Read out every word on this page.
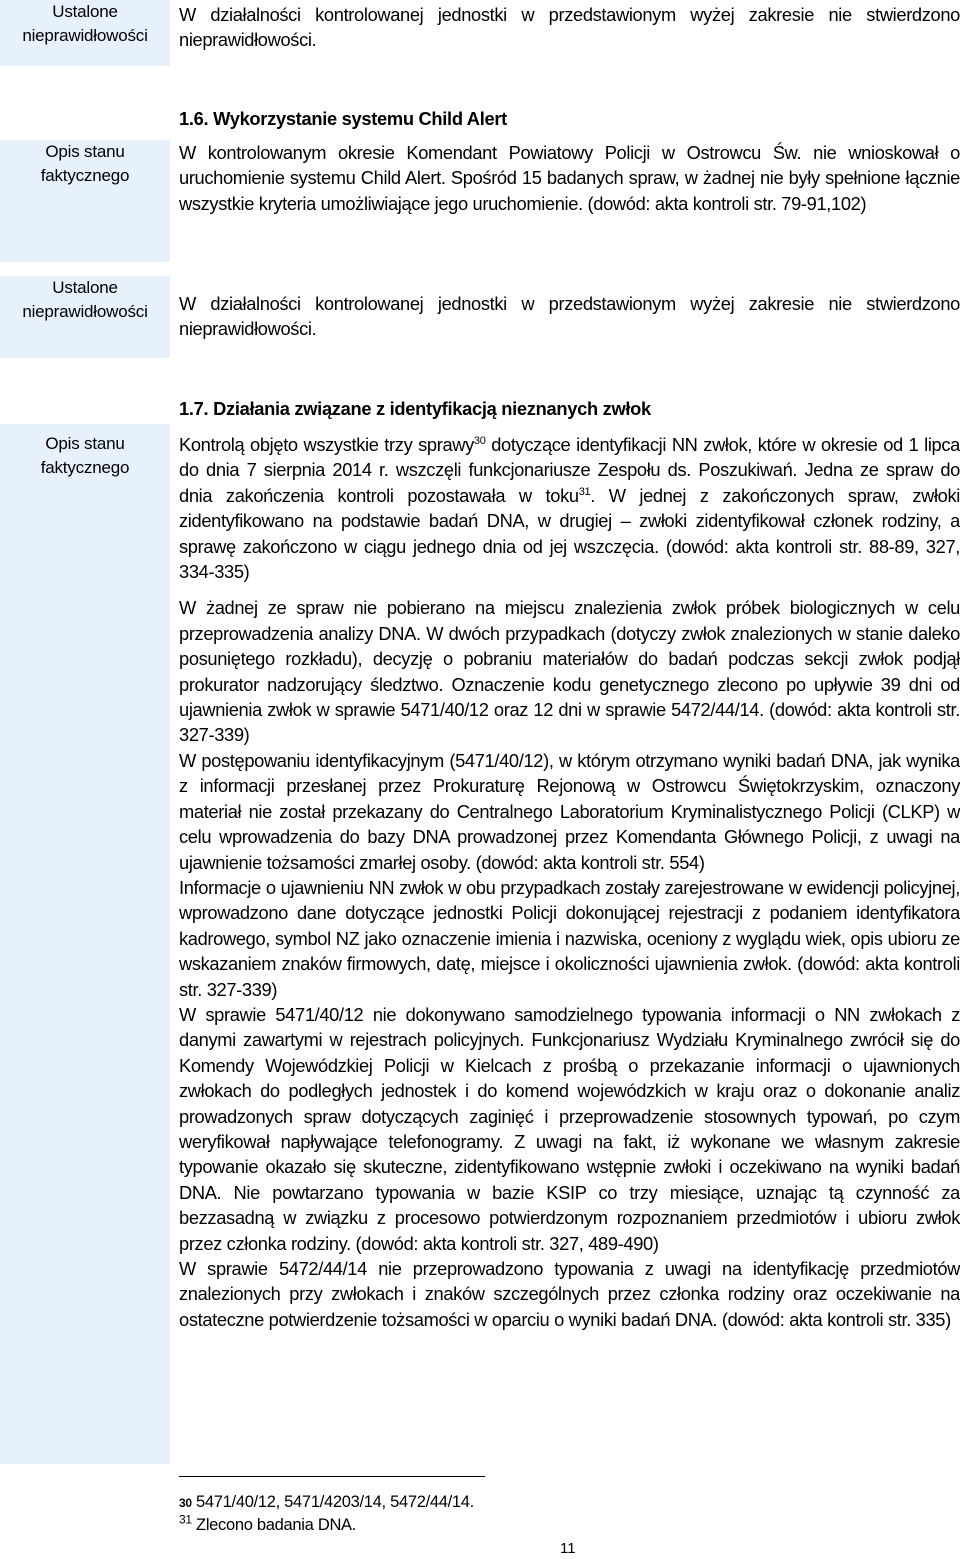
Ustalone
nieprawidłowości

W działalności kontrolowanej jednostki w przedstawionym wyżej zakresie nie stwierdzono nieprawidłowości.

1.6. Wykorzystanie systemu Child Alert

Opis stanu
faktycznego

W kontrolowanym okresie Komendant Powiatowy Policji w Ostrowcu Św. nie wnioskował o uruchomienie systemu Child Alert. Spośród 15 badanych spraw, w żadnej nie były spełnione łącznie wszystkie kryteria umożliwiające jego uruchomienie. (dowód: akta kontroli str. 79-91,102)

Ustalone
nieprawidłowości W działalności kontrolowanej jednostki w przedstawionym wyżej zakresie nie stwierdzono nieprawidłowości.

1.7. Działania związane z identyfikacją nieznanych zwłok

Opis stanu
faktycznego

Kontrolą objęto wszystkie trzy sprawy$^{30}$ dotyczące identyfikacji NN zwłok, które w okresie od 1 lipca do dnia 7 sierpnia 2014 r. wszczęli funkcjonariusze Zespołu ds. Poszukiwań. Jedna ze spraw do dnia zakończenia kontroli pozostawała w toku$^{31}$. W jednej z zakończonych spraw, zwłoki zidentyfikowano na podstawie badań DNA, w drugiej – zwłoki zidentyfikował członek rodziny, a sprawę zakończono w ciągu jednego dnia od jej wszczęcia. (dowód: akta kontroli str. 88-89, 327, 334-335)

W żadnej ze spraw nie pobierano na miejscu znalezienia zwłok próbek biologicznych w celu przeprowadzenia analizy DNA. W dwóch przypadkach (dotyczy zwłok znalezionych w stanie daleko posuniętego rozkładu), decyzję o pobraniu materiałów do badań podczas sekcji zwłok podjął prokurator nadzorujący śledztwo. Oznaczenie kodu genetycznego zlecono po upływie 39 dni od ujawnienia zwłok w sprawie 5471/40/12 oraz 12 dni w sprawie 5472/44/14. (dowód: akta kontroli str. 327-339)

W postępowaniu identyfikacyjnym (5471/40/12), w którym otrzymano wyniki badań DNA, jak wynika z informacji przesłanej przez Prokuraturę Rejonową w Ostrowcu Świętokrzyskim, oznaczony materiał nie został przekazany do Centralnego Laboratorium Kryminalistycznego Policji (CLKP) w celu wprowadzenia do bazy DNA prowadzonej przez Komendanta Głównego Policji, z uwagi na ujawnienie tożsamości zmarłej osoby. (dowód: akta kontroli str. 554)

Informacje o ujawnieniu NN zwłok w obu przypadkach zostały zarejestrowane w ewidencji policyjnej, wprowadzono dane dotyczące jednostki Policji dokonującej rejestracji z podaniem identyfikatora kadrowego, symbol NZ jako oznaczenie imienia i nazwiska, oceniony z wyglądu wiek, opis ubioru ze wskazaniem znaków firmowych, datę, miejsce i okoliczności ujawnienia zwłok. (dowód: akta kontroli str. 327-339)

W sprawie 5471/40/12 nie dokonywano samodzielnego typowania informacji o NN zwłokach z danymi zawartymi w rejestrach policyjnych. Funkcjonariusz Wydziału Kryminalnego zwrócił się do Komendy Wojewódzkiej Policji w Kielcach z prośbą o przekazanie informacji o ujawnionych zwłokach do podległych jednostek i do komend wojewódzkich w kraju oraz o dokonanie analiz prowadzonych spraw dotyczących zaginięć i przeprowadzenie stosownych typowań, po czym weryfikował napływające telefonogramy. Z uwagi na fakt, iż wykonane we własnym zakresie typowanie okazało się skuteczne, zidentyfikowano wstępnie zwłoki i oczekiwano na wyniki badań DNA. Nie powtarzano typowania w bazie KSIP co trzy miesiące, uznając tą czynność za bezzasadną w związku z procesowo potwierdzonym rozpoznaniem przedmiotów i ubioru zwłok przez członka rodziny. (dowód: akta kontroli str. 327, 489-490)

W sprawie 5472/44/14 nie przeprowadzono typowania z uwagi na identyfikację przedmiotów znalezionych przy zwłokach i znaków szczególnych przez członka rodziny oraz oczekiwanie na ostateczne potwierdzenie tożsamości w oparciu o wyniki badań DNA. (dowód: akta kontroli str. 335)

30 5471/40/12, 5471/4203/14, 5472/44/14.

$^{31}$ Zlecono badania DNA.

11
